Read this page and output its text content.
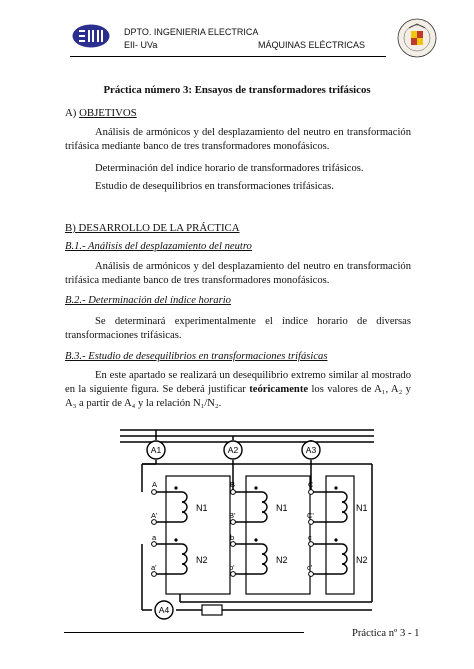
DPTO. INGENIERIA ELECTRICA
EII- UVa	MÁQUINAS ELÉCTRICAS
Práctica número 3: Ensayos de transformadores trifásicos
A) OBJETIVOS
Análisis de armónicos y del desplazamiento del neutro en transformación trifásica mediante banco de tres transformadores monofásicos.
Determinación del índice horario de transformadores trifásicos.
Estudio de desequilibrios en transformaciones trifásicas.
B) DESARROLLO DE LA PRÁCTICA
B.1.- Análisis del desplazamiento del neutro
Análisis de armónicos y del desplazamiento del neutro en transformación trifásica mediante banco de tres transformadores monofásicos.
B.2.- Determinación del índice horario
Se determinará experimentalmente el índice horario de diversas transformaciones trifásicas.
B.3.- Estudio de desequilibrios en transformaciones trifásicas
En este apartado se realizará un desequilibrio extremo similar al mostrado en la siguiente figura. Se deberá justificar teóricamente los valores de A₁, A₂ y A₃ a partir de A₄ y la relación N₁/N₂.
A1	A2	A3
A4
A
A'
a
a'
B
B'
b
b'
C
C'
c
c'
N1
N2
N1
N2
N1
N2
Práctica nº 3 - 1
